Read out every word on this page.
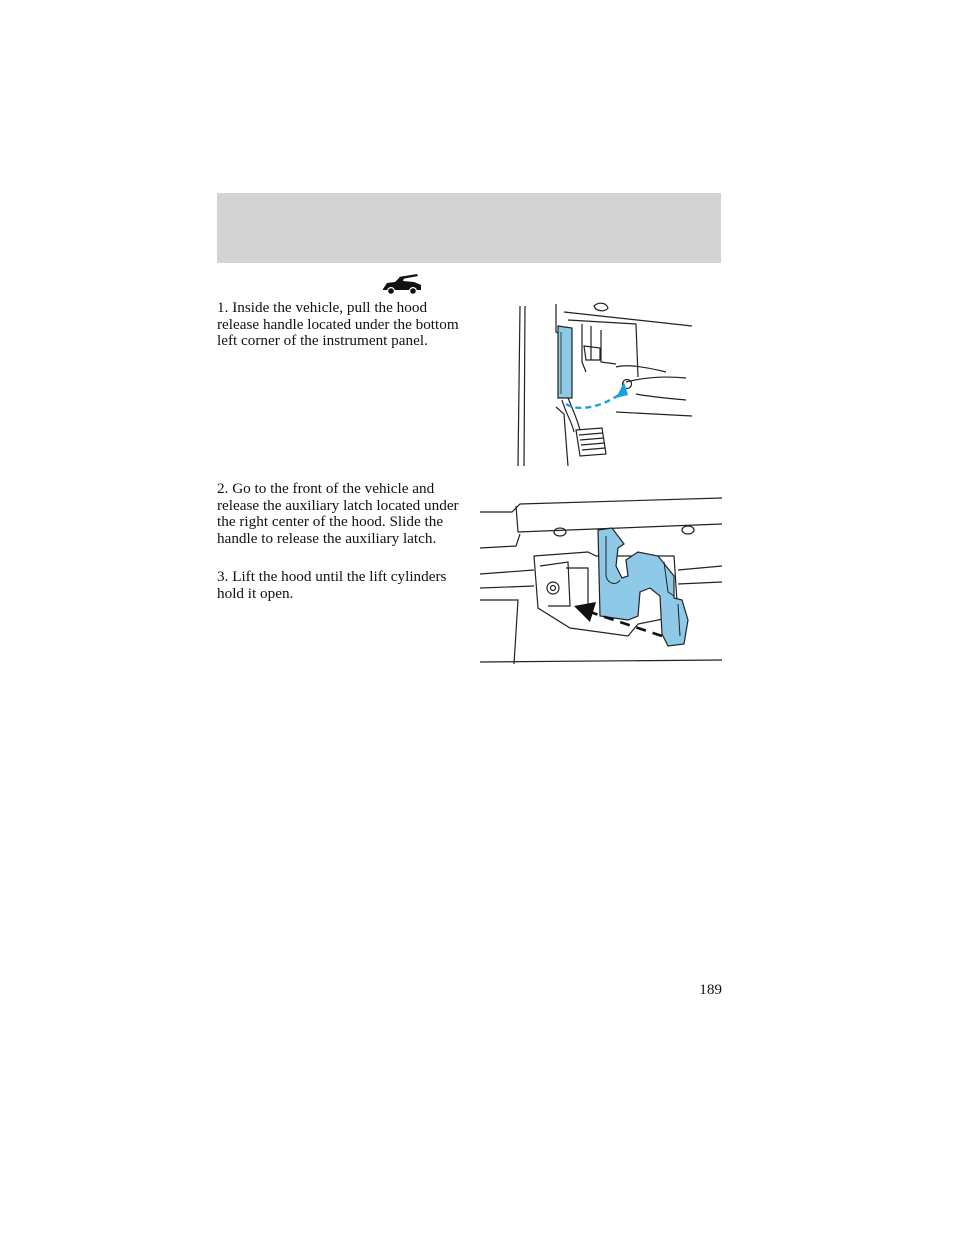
1. Inside the vehicle, pull the hood release handle located under the bottom left corner of the instrument panel.

2. Go to the front of the vehicle and release the auxiliary latch located under the right center of the hood. Slide the handle to release the auxiliary latch.

3. Lift the hood until the lift cylinders hold it open.

189
